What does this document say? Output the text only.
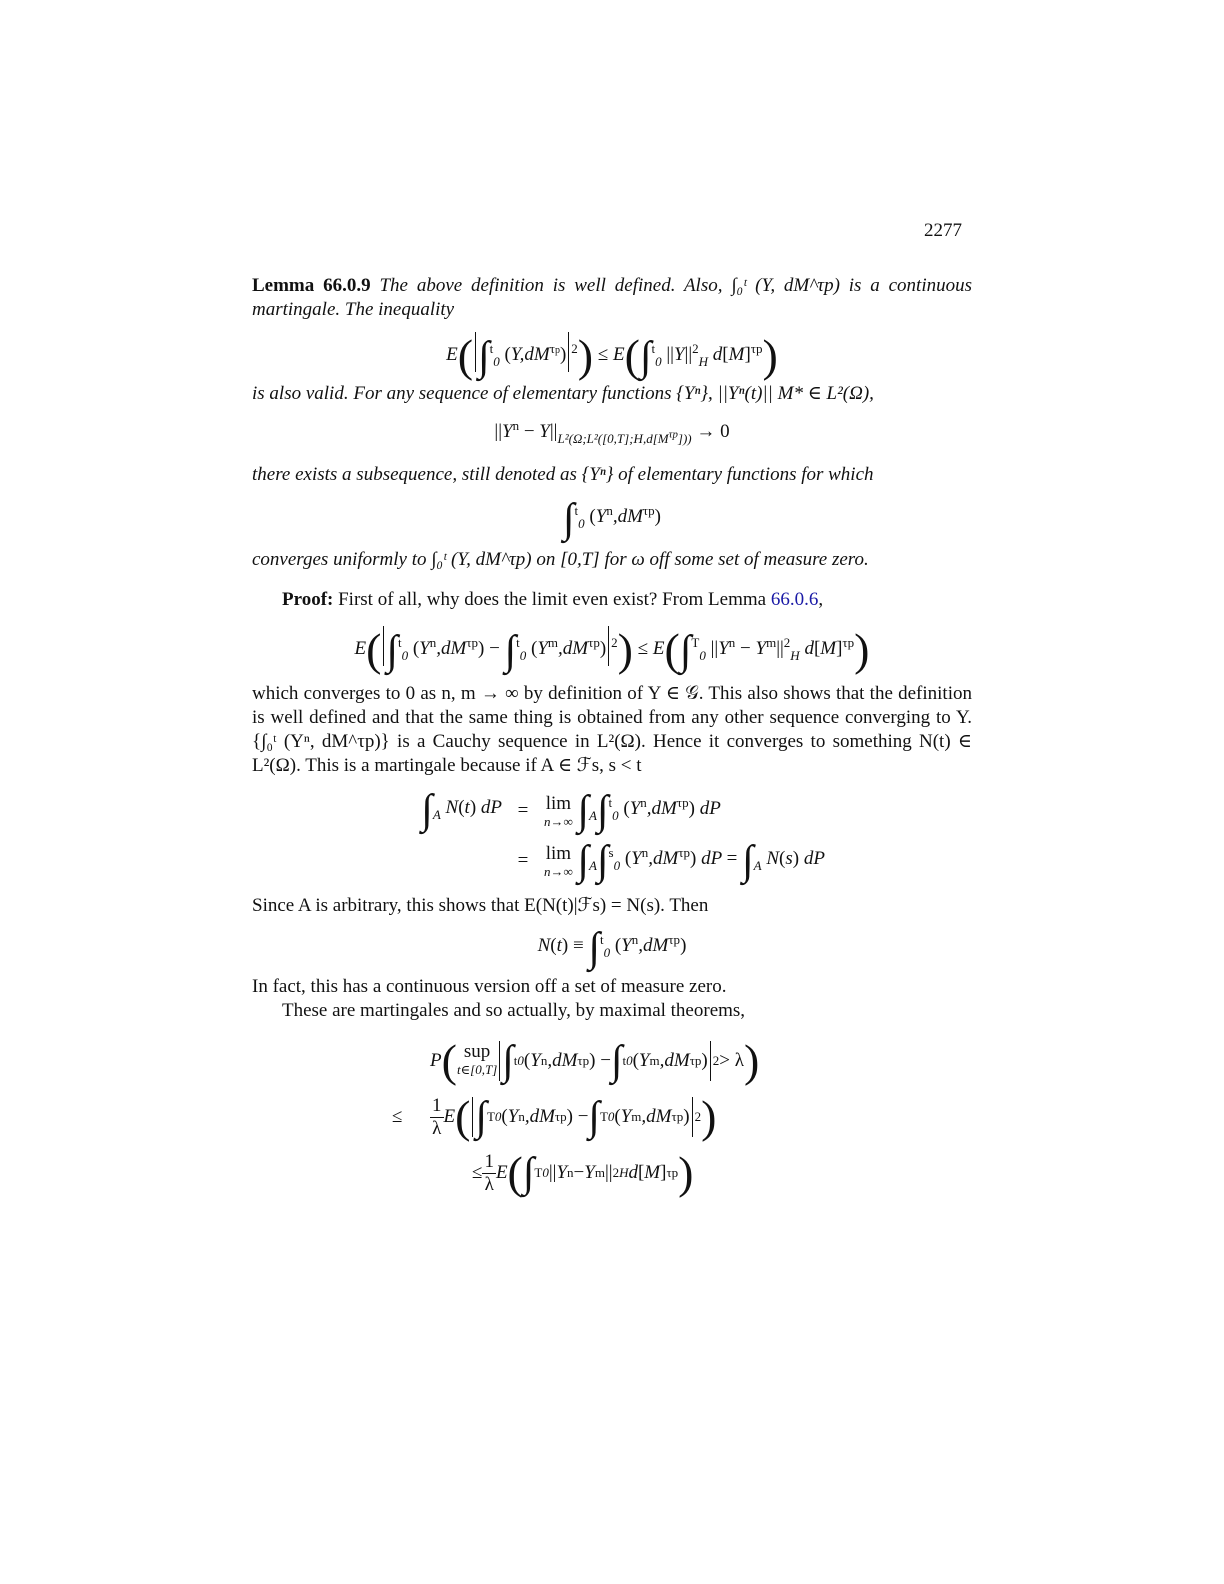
2277

Lemma 66.0.9 The above definition is well defined. Also, ∫₀ᵗ (Y, dM^τp) is a continuous martingale. The inequality

E( ∫$^t_0$ $(Y,dM^{\tau p}) ^2) \le E(\int^t_0$ $||Y||^2_H$ $d[M]^{\tau p}$)

is also valid. For any sequence of elementary functions {Yⁿ}, ||Yⁿ(t)|| M* ∈ L²(Ω),

$||Y^n - Y||_{L^2(\Omega;L^2([0,T];H,d[M^{\tau p}]))} \to 0$

there exists a subsequence, still denoted as {Yⁿ} of elementary functions for which

∫$^t_0$ $(Y^n,dM^{\tau p})$

converges uniformly to ∫₀ᵗ (Y, dM^τp) on [0,T] for ω off some set of measure zero.

Proof: First of all, why does the limit even exist? From Lemma 66.0.6,

E( ∫$^t_0$ $(Y^n,dM^{\tau p}) - \int^t_0$ $(Y^m,dM^{\tau p}) ^2) \le E(\int^T_0$ $||Y^n - Y^m||^2_H$ $d[M]^{\tau p}$)

which converges to 0 as n, m → ∞ by definition of Y ∈ 𝒢. This also shows that the definition is well defined and that the same thing is obtained from any other sequence converging to Y. {∫₀ᵗ (Yⁿ, dM^τp)} is a Cauchy sequence in L²(Ω). Hence it converges to something N(t) ∈ L²(Ω). This is a martingale because if A ∈ ℱs, s < t

$\int_A$ N(t) dP = lim
n→∞ $\int_A\int^t_0$ $(Y^n,dM^{\tau p})$ dP
= lim
n→∞ $\int_A\int^s_0$ $(Y^n,dM^{\tau p})$ dP = $\int_A$ N(s) dP

Since A is arbitrary, this shows that E(N(t)|ℱs) = N(s). Then

N(t) ≡ ∫$^t_0$ $(Y^n,dM^{\tau p})$

In fact, this has a continuous version off a set of measure zero.

These are martingales and so actually, by maximal theorems,

P ( sup
t∈[0,T] ∫ t 0 ( Y n ,dM τp ) − ∫ t 0 ( Y m ,dM τp ) 2 > λ )
≤	$\frac{1}{\lambda}$ E ( ∫ T 0 ( Y n ,dM τp ) − ∫ T 0 ( Y m ,dM τp ) 2 )
≤ $\frac{1}{\lambda}$ E ( ∫ T 0 || Y n − Y m || 2 H d [ M ] τp )
